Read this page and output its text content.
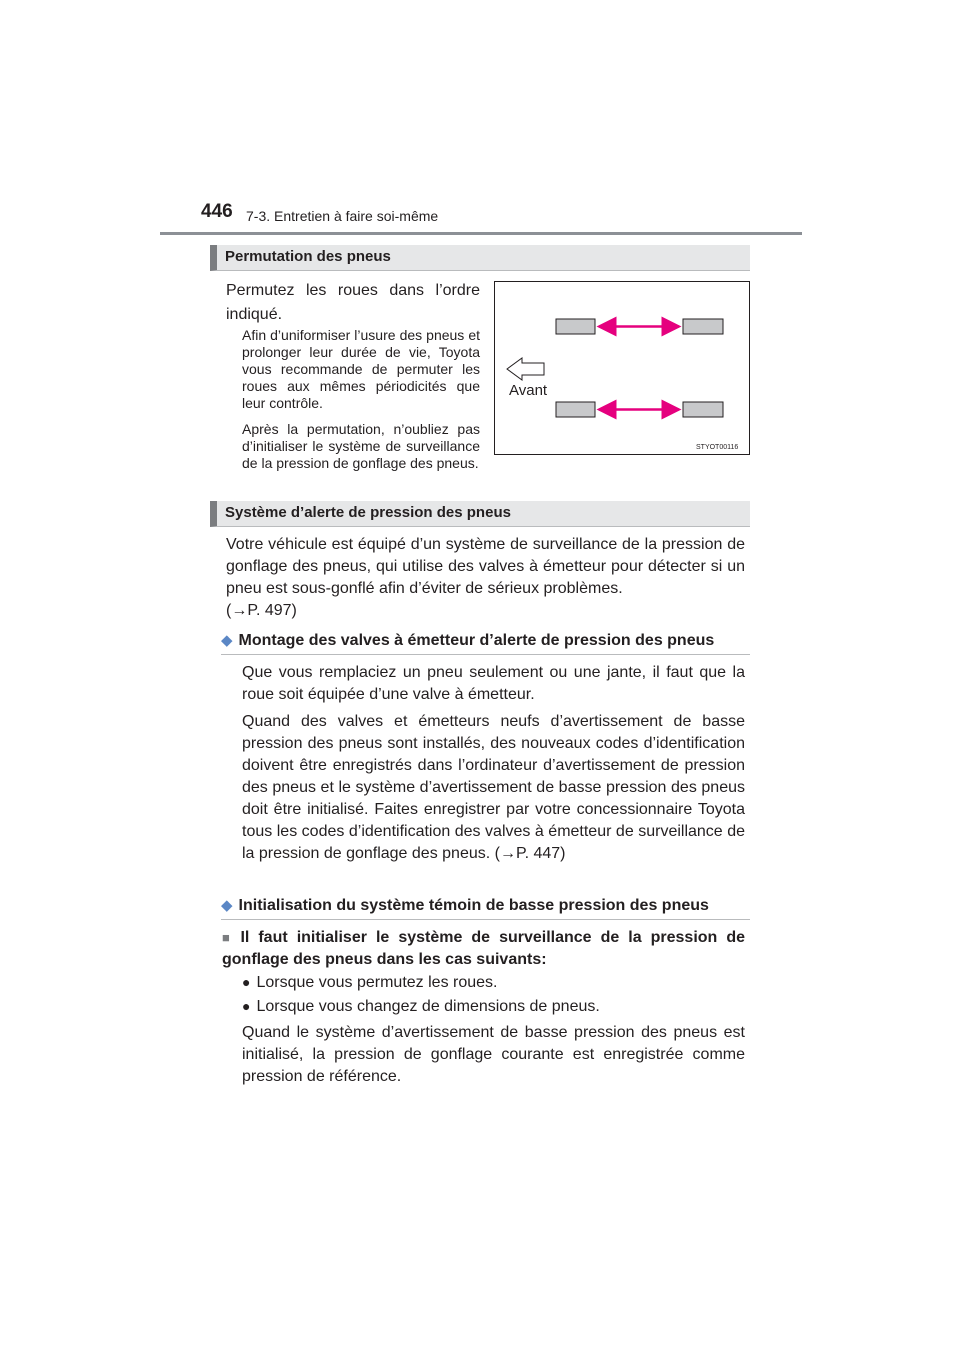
446 7-3. Entretien à faire soi-même
Permutation des pneus
Permutez les roues dans l’ordre indiqué.
Afin d’uniformiser l’usure des pneus et prolonger leur durée de vie, Toyota vous recommande de permuter les roues aux mêmes périodicités que leur contrôle.
Après la permutation, n’oubliez pas d’initialiser le système de surveillance de la pression de gonflage des pneus.
Avant
STYOT00116
Système d’alerte de pression des pneus
Votre véhicule est équipé d’un système de surveillance de la pression de gonflage des pneus, qui utilise des valves à émetteur pour détecter si un pneu est sous-gonflé afin d’éviter de sérieux problèmes.
(→P. 497)
◆ Montage des valves à émetteur d’alerte de pression des pneus
Que vous remplaciez un pneu seulement ou une jante, il faut que la roue soit équipée d’une valve à émetteur.
Quand des valves et émetteurs neufs d’avertissement de basse pression des pneus sont installés, des nouveaux codes d’identification doivent être enregistrés dans l’ordinateur d’avertissement de pression des pneus et le système d’avertissement de basse pression des pneus doit être initialisé. Faites enregistrer par votre concessionnaire Toyota tous les codes d’identification des valves à émetteur de surveillance de la pression de gonflage des pneus. (→P. 447)
◆ Initialisation du système témoin de basse pression des pneus
■ Il faut initialiser le système de surveillance de la pression de gonflage des pneus dans les cas suivants:
● Lorsque vous permutez les roues.
● Lorsque vous changez de dimensions de pneus.
Quand le système d’avertissement de basse pression des pneus est initialisé, la pression de gonflage courante est enregistrée comme pression de référence.
